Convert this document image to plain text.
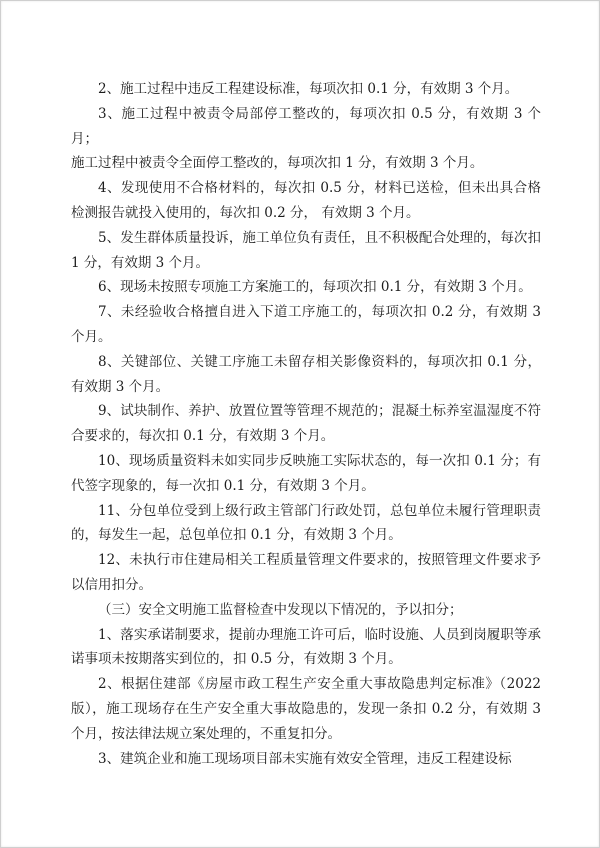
2、施工过程中违反工程建设标准，每项次扣 0.1 分，有效期 3 个月。

3、施工过程中被责令局部停工整改的，每项次扣 0.5 分，有效期 3 个月；

施工过程中被责令全面停工整改的，每项次扣 1 分，有效期 3 个月。

4、发现使用不合格材料的，每次扣 0.5 分，材料已送检，但未出具合格检测报告就投入使用的，每次扣 0.2 分， 有效期 3 个月。

5、发生群体质量投诉，施工单位负有责任，且不积极配合处理的，每次扣 1 分，有效期 3 个月。

6、现场未按照专项施工方案施工的，每项次扣 0.1 分，有效期 3 个月。

7、未经验收合格擅自进入下道工序施工的，每项次扣 0.2 分，有效期 3 个月。

8、关键部位、关键工序施工未留存相关影像资料的，每项次扣 0.1 分，有效期 3 个月。

9、试块制作、养护、放置位置等管理不规范的；混凝土标养室温湿度不符合要求的，每次扣 0.1 分，有效期 3 个月。

10、现场质量资料未如实同步反映施工实际状态的，每一次扣 0.1 分；有代签字现象的，每一次扣 0.1 分，有效期 3 个月。

11、分包单位受到上级行政主管部门行政处罚，总包单位未履行管理职责的，每发生一起，总包单位扣 0.1 分，有效期 3 个月。

12、未执行市住建局相关工程质量管理文件要求的，按照管理文件要求予以信用扣分。

（三）安全文明施工监督检查中发现以下情况的，予以扣分；

1、落实承诺制要求，提前办理施工许可后，临时设施、人员到岗履职等承诺事项未按期落实到位的，扣 0.5 分，有效期 3 个月。

2、根据住建部《房屋市政工程生产安全重大事故隐患判定标准》（2022 版），施工现场存在生产安全重大事故隐患的，发现一条扣 0.2 分，有效期 3 个月，按法律法规立案处理的，不重复扣分。

3、建筑企业和施工现场项目部未实施有效安全管理，违反工程建设标
